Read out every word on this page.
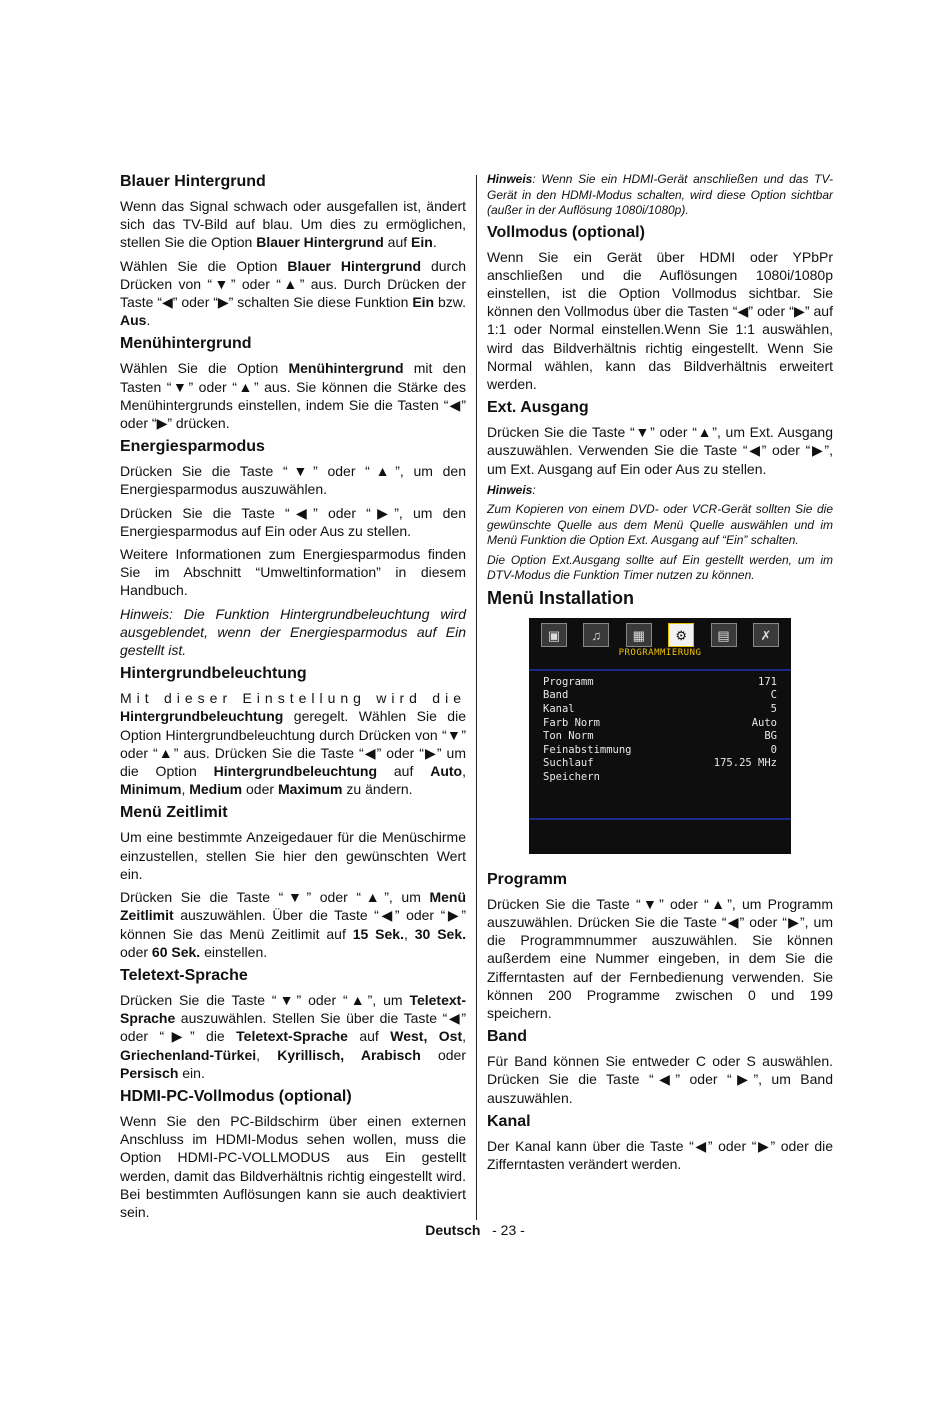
Blauer Hintergrund

Wenn das Signal schwach oder ausgefallen ist, ändert sich das TV-Bild auf blau. Um dies zu ermöglichen, stellen Sie die Option Blauer Hintergrund auf Ein.

Wählen Sie die Option Blauer Hintergrund durch Drücken von “▼” oder “▲” aus. Durch Drücken der Taste “◀” oder “▶” schalten Sie diese Funktion Ein bzw. Aus.

Menühintergrund

Wählen Sie die Option Menühintergrund mit den Tasten “▼” oder “▲” aus. Sie können die Stärke des Menühintergrunds einstellen, indem Sie die Tasten “◀” oder “▶” drücken.

Energiesparmodus

Drücken Sie die Taste “▼” oder “▲”, um den Energiesparmodus auszuwählen.

Drücken Sie die Taste “◀” oder “▶”, um den Energiesparmodus auf Ein oder Aus zu stellen.

Weitere Informationen zum Energiesparmodus finden Sie im Abschnitt “Umweltinformation” in diesem Handbuch.

Hinweis: Die Funktion Hintergrundbeleuchtung wird ausgeblendet, wenn der Energiesparmodus auf Ein gestellt ist.

Hintergrundbeleuchtung

Mit dieser Einstellung wird die Hintergrundbeleuchtung geregelt. Wählen Sie die Option Hintergrundbeleuchtung durch Drücken von “▼” oder “▲” aus. Drücken Sie die Taste “◀” oder “▶” um die Option Hintergrundbeleuchtung auf Auto, Minimum, Medium oder Maximum zu ändern.

Menü Zeitlimit

Um eine bestimmte Anzeigedauer für die Menüschirme einzustellen, stellen Sie hier den gewünschten Wert ein.

Drücken Sie die Taste “▼” oder “▲”, um Menü Zeitlimit auszuwählen. Über die Taste “◀” oder “▶” können Sie das Menü Zeitlimit auf 15 Sek., 30 Sek. oder 60 Sek. einstellen.

Teletext-Sprache

Drücken Sie die Taste “▼” oder “▲”, um Teletext-Sprache auszuwählen. Stellen Sie über die Taste “◀” oder “▶” die Teletext-Sprache auf West, Ost, Griechenland-Türkei, Kyrillisch, Arabisch oder Persisch ein.

HDMI-PC-Vollmodus (optional)

Wenn Sie den PC-Bildschirm über einen externen Anschluss im HDMI-Modus sehen wollen, muss die Option HDMI-PC-VOLLMODUS aus Ein gestellt werden, damit das Bildverhältnis richtig eingestellt wird. Bei bestimmten Auflösungen kann sie auch deaktiviert sein.

Hinweis: Wenn Sie ein HDMI-Gerät anschließen und das TV-Gerät in den HDMI-Modus schalten, wird diese Option sichtbar (außer in der Auflösung 1080i/1080p).

Vollmodus (optional)

Wenn Sie ein Gerät über HDMI oder YPbPr anschließen und die Auflösungen 1080i/1080p einstellen, ist die Option Vollmodus sichtbar. Sie können den Vollmodus über die Tasten “◀” oder “▶” auf 1:1 oder Normal einstellen.Wenn Sie 1:1 auswählen, wird das Bildverhältnis richtig eingestellt. Wenn Sie Normal wählen, kann das Bildverhältnis erweitert werden.

Ext. Ausgang

Drücken Sie die Taste “▼” oder “▲”, um Ext. Ausgang auszuwählen. Verwenden Sie die Taste “◀” oder “▶”, um Ext. Ausgang auf Ein oder Aus zu stellen.

Hinweis:

Zum Kopieren von einem DVD- oder VCR-Gerät sollten Sie die gewünschte Quelle aus dem Menü Quelle auswählen und im Menü Funktion die Option Ext. Ausgang auf “Ein” schalten.

Die Option Ext.Ausgang sollte auf Ein gestellt werden, um im DTV-Modus die Funktion Timer nutzen zu können.

Menü Installation
▣	♫	▦	⚙	▤	✗
PROGRAMMIERUNG
Programm	171
Band	C
Kanal	5
Farb Norm	Auto
Ton Norm	BG
Feinabstimmung	0
Suchlauf	175.25 MHz
Speichern
Programm

Drücken Sie die Taste “▼” oder “▲”, um Programm auszuwählen. Drücken Sie die Taste “◀” oder “▶”, um die Programmnummer auszuwählen. Sie können außerdem eine Nummer eingeben, in dem Sie die Zifferntasten auf der Fernbedienung verwenden. Sie können 200 Programme zwischen 0 und 199 speichern.

Band

Für Band können Sie entweder C oder S auswählen. Drücken Sie die Taste “◀” oder “▶”, um Band auszuwählen.

Kanal

Der Kanal kann über die Taste “◀” oder “▶” oder die Zifferntasten verändert werden.

Deutsch - 23 -
